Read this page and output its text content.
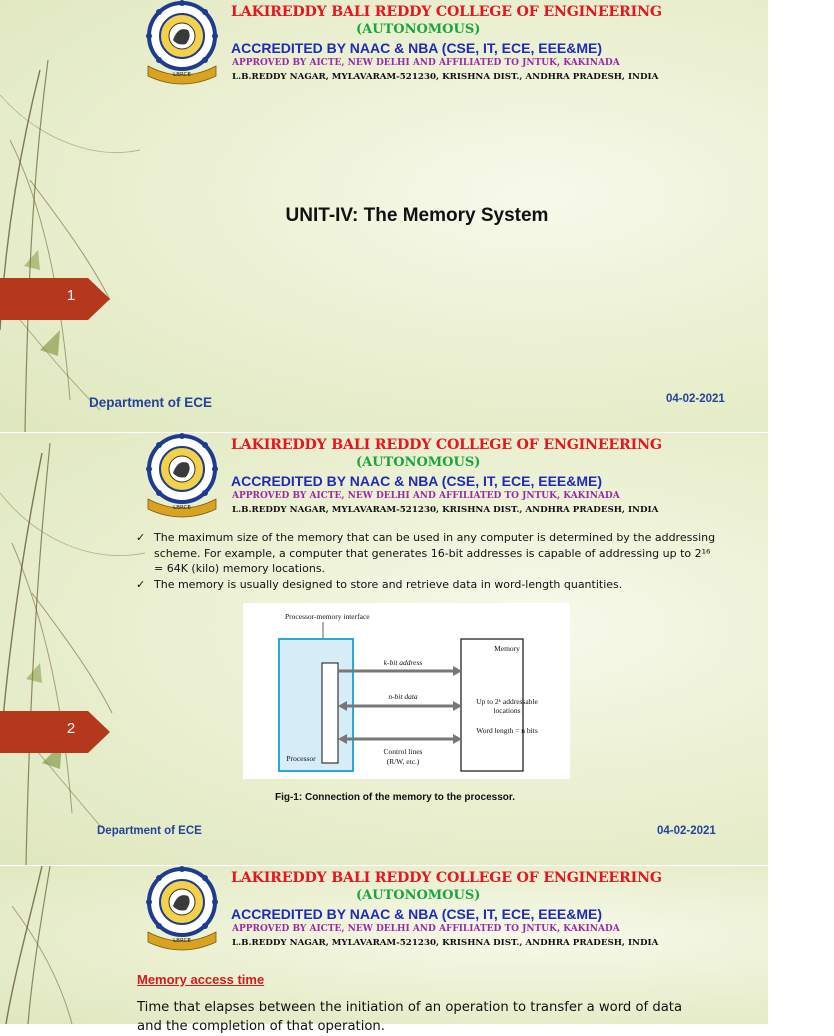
LBRCE
LAKIREDDY BALI REDDY COLLEGE OF ENGINEERING
(AUTONOMOUS)
ACCREDITED BY NAAC & NBA (CSE, IT, ECE, EEE&ME)
APPROVED BY AICTE, NEW DELHI AND AFFILIATED TO JNTUK, KAKINADA
L.B.REDDY NAGAR, MYLAVARAM-521230, KRISHNA DIST., ANDHRA PRADESH, INDIA
UNIT-IV: The Memory System
1
Department of ECE	04-02-2021
LBRCE
LAKIREDDY BALI REDDY COLLEGE OF ENGINEERING
(AUTONOMOUS)
ACCREDITED BY NAAC & NBA (CSE, IT, ECE, EEE&ME)
APPROVED BY AICTE, NEW DELHI AND AFFILIATED TO JNTUK, KAKINADA
L.B.REDDY NAGAR, MYLAVARAM-521230, KRISHNA DIST., ANDHRA PRADESH, INDIA
✓ The maximum size of the memory that can be used in any computer is determined by the addressing scheme. For example, a computer that generates 16-bit addresses is capable of addressing up to 2¹⁶ = 64K (kilo) memory locations.
✓ The memory is usually designed to store and retrieve data in word-length quantities.
Processor-memory interface
Processor
Memory
Up to 2ᵏ addressable
locations
Word length = n bits
k-bit address
n-bit data
Control lines
(R/W, etc.)
Fig-1: Connection of the memory to the processor.
2
Department of ECE	04-02-2021
LBRCE
LAKIREDDY BALI REDDY COLLEGE OF ENGINEERING
(AUTONOMOUS)
ACCREDITED BY NAAC & NBA (CSE, IT, ECE, EEE&ME)
APPROVED BY AICTE, NEW DELHI AND AFFILIATED TO JNTUK, KAKINADA
L.B.REDDY NAGAR, MYLAVARAM-521230, KRISHNA DIST., ANDHRA PRADESH, INDIA
Memory access time
Time that elapses between the initiation of an operation to transfer a word of data and the completion of that operation.
